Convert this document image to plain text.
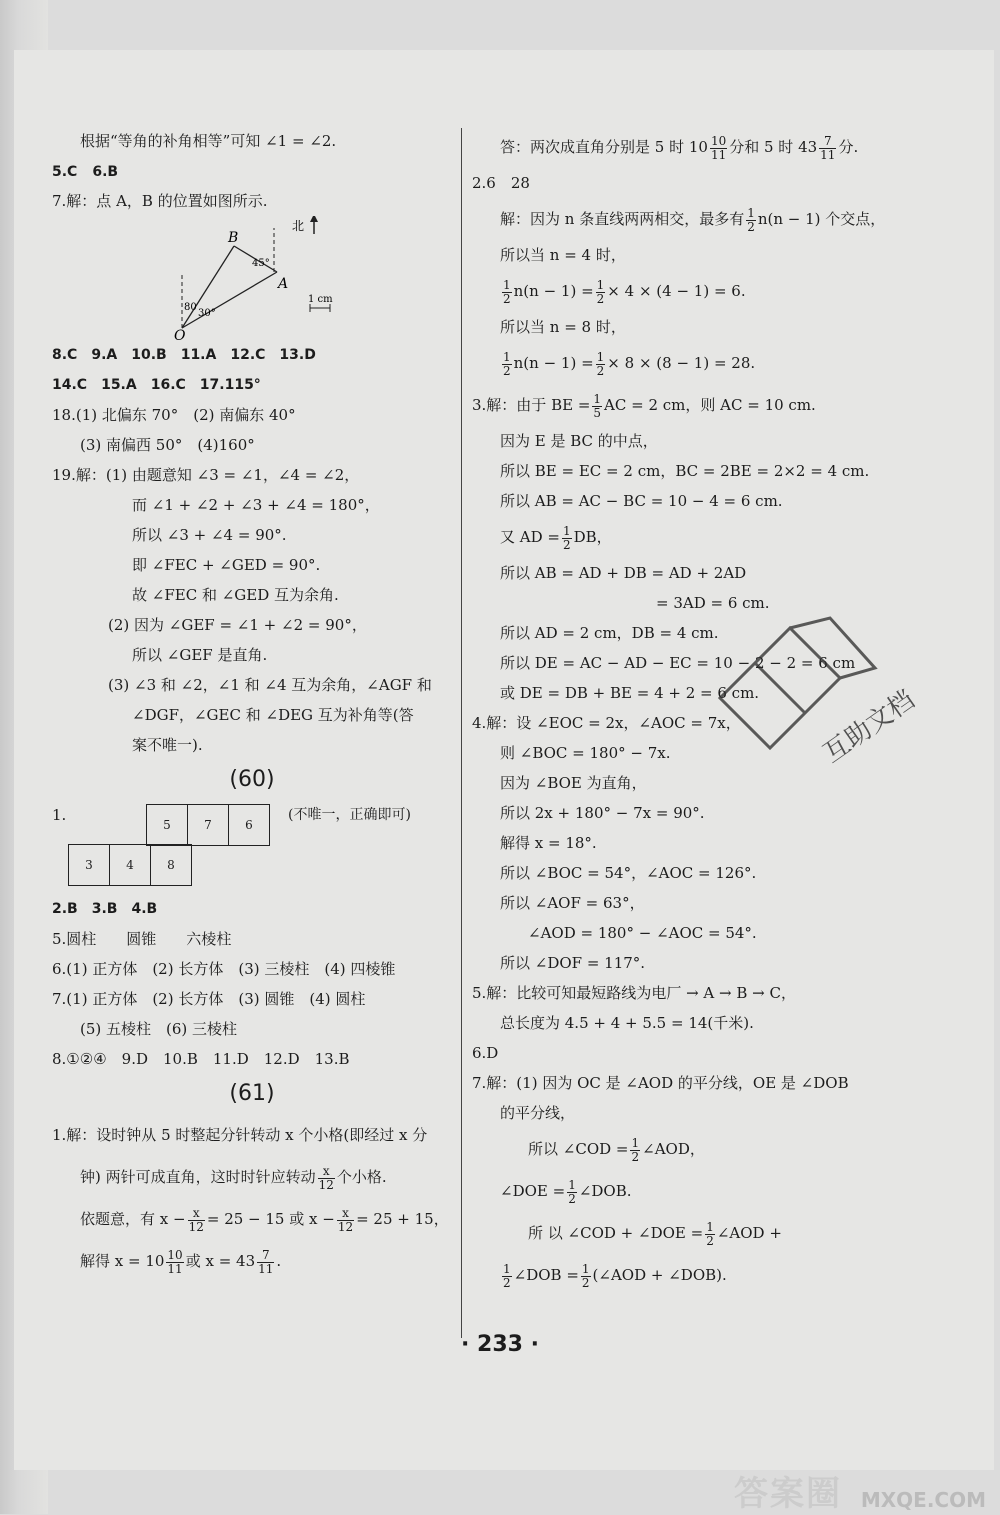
根据“等角的补角相等”可知 ∠1 = ∠2.
5.C　 6.B
7.解：点 A，B 的位置如图所示.
B
A
O
北
45°
80
30°
1 cm
8.C　9.A　10.B　11.A　12.C　13.D
14.C　15.A　16.C　17.115°
18.(1) 北偏东 70°　(2) 南偏东 40°
(3) 南偏西 50°　(4)160°
19.解：(1) 由题意知 ∠3 = ∠1，∠4 = ∠2，
而 ∠1 + ∠2 + ∠3 + ∠4 = 180°，
所以 ∠3 + ∠4 = 90°.
即 ∠FEC + ∠GED = 90°.
故 ∠FEC 和 ∠GED 互为余角.
(2) 因为 ∠GEF = ∠1 + ∠2 = 90°，
所以 ∠GEF 是直角.
(3) ∠3 和 ∠2，∠1 和 ∠4 互为余角，∠AGF 和
∠DGF，∠GEC 和 ∠DEG 互为补角等(答
案不唯一).
(60)
1.	(不唯一，正确即可)
5	7	6
3	4	8
2.B　3.B　4.B
5.圆柱　　圆锥　　六棱柱
6.(1) 正方体　(2) 长方体　(3) 三棱柱　(4) 四棱锥
7.(1) 正方体　(2) 长方体　(3) 圆锥　(4) 圆柱
(5) 五棱柱　(6) 三棱柱
8.①②④　9.D　10.B　11.D　12.D　13.B
(61)
1.解：设时钟从 5 时整起分针转动 x 个小格(即经过 x 分
钟) 两针可成直角，这时时针应转动 $\frac{x}{12}$ 个小格.
依题意，有 $x - \frac{x}{12} = 25 - 15$ 或 $x - \frac{x}{12} = 25 + 15$，
解得 $x = 10 \frac{10}{11}$ 或 $x = 43 \frac{7}{11}$ .
答：两次成直角分别是 5 时 $10 \frac{10}{11}$ 分和 5 时 $43 \frac{7}{11}$ 分.
2.6　28
解：因为 n 条直线两两相交，最多有 $\frac{1}{2} n(n - 1)$ 个交点，
所以当 n = 4 时，
$\frac{1}{2} n(n - 1) = \frac{1}{2} \times 4 \times (4 - 1) = 6$.
所以当 n = 8 时，
$\frac{1}{2} n(n - 1) = \frac{1}{2} \times 8 \times (8 - 1) = 28$.
3.解：由于 BE = $\frac{1}{5}$ AC = 2 cm，则 AC = 10 cm.
因为 E 是 BC 的中点，
所以 BE = EC = 2 cm，BC = 2BE = 2×2 = 4 cm.
所以 AB = AC − BC = 10 − 4 = 6 cm.
又 AD = $\frac{1}{2}$ DB，
所以 AB = AD + DB = AD + 2AD
= 3AD = 6 cm.
所以 AD = 2 cm，DB = 4 cm.
所以 DE = AC − AD − EC = 10 − 2 − 2 = 6 cm
或 DE = DB + BE = 4 + 2 = 6 cm.
4.解：设 ∠EOC = 2x，∠AOC = 7x，
则 ∠BOC = 180° − 7x.
因为 ∠BOE 为直角，
所以 2x + 180° − 7x = 90°.
解得 x = 18°.
所以 ∠BOC = 54°，∠AOC = 126°.
所以 ∠AOF = 63°，
∠AOD = 180° − ∠AOC = 54°.
所以 ∠DOF = 117°.
5.解：比较可知最短路线为电厂 → A → B → C，
总长度为 4.5 + 4 + 5.5 = 14(千米).
6.D
7.解：(1) 因为 OC 是 ∠AOD 的平分线，OE 是 ∠DOB
的平分线，
所以 ∠COD = $\frac{1}{2}$ ∠AOD，
∠DOE = $\frac{1}{2}$ ∠DOB.
所 以 ∠COD + ∠DOE = $\frac{1}{2}$ ∠AOD +
$\frac{1}{2}$ ∠DOB = $\frac{1}{2}$ (∠AOD + ∠DOB).
互助文档
· 233 ·
答案圈 MXQE.COM
